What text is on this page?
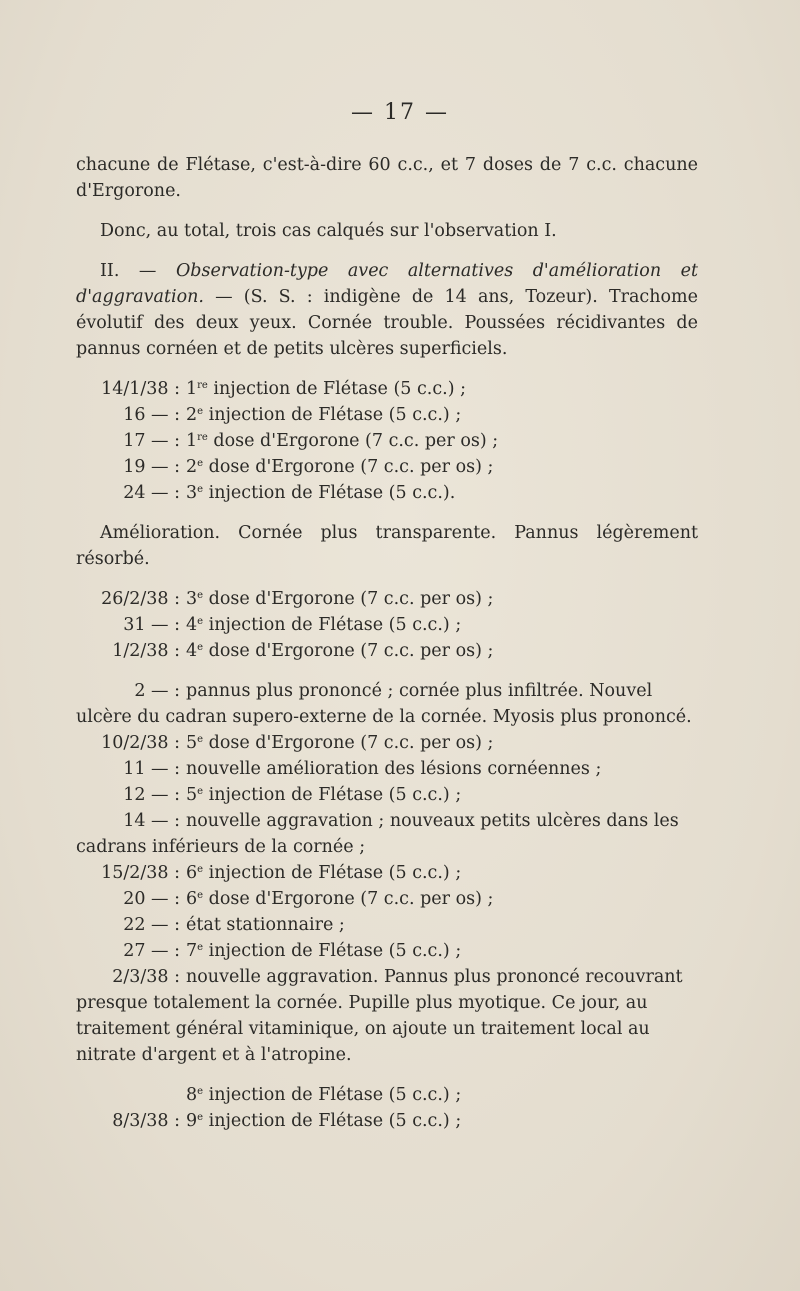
— 17 —

chacune de Flétase, c'est-à-dire 60 c.c., et 7 doses de 7 c.c. chacune d'Ergorone.

Donc, au total, trois cas calqués sur l'observation I.

II. — Observation-type avec alternatives d'amélioration et d'aggravation. — (S. S. : indigène de 14 ans, Tozeur). Trachome évolutif des deux yeux. Cornée trouble. Poussées récidivantes de pannus cornéen et de petits ulcères superficiels.

14/1/38 : 1re injection de Flétase (5 c.c.) ;
16 — : 2e injection de Flétase (5 c.c.) ;
17 — : 1re dose d'Ergorone (7 c.c. per os) ;
19 — : 2e dose d'Ergorone (7 c.c. per os) ;
24 — : 3e injection de Flétase (5 c.c.).

Amélioration. Cornée plus transparente. Pannus légèrement résorbé.

26/2/38 : 3e dose d'Ergorone (7 c.c. per os) ;
31 — : 4e injection de Flétase (5 c.c.) ;
1/2/38 : 4e dose d'Ergorone (7 c.c. per os) ;
2 — : pannus plus prononcé ; cornée plus infiltrée. Nouvel
ulcère du cadran supero-externe de la cornée. Myosis plus prononcé.
10/2/38 : 5e dose d'Ergorone (7 c.c. per os) ;
11 — : nouvelle amélioration des lésions cornéennes ;
12 — : 5e injection de Flétase (5 c.c.) ;
14 — : nouvelle aggravation ; nouveaux petits ulcères dans les
cadrans inférieurs de la cornée ;
15/2/38 : 6e injection de Flétase (5 c.c.) ;
20 — : 6e dose d'Ergorone (7 c.c. per os) ;
22 — : état stationnaire ;
27 — : 7e injection de Flétase (5 c.c.) ;
2/3/38 : nouvelle aggravation. Pannus plus prononcé recouvrant
presque totalement la cornée. Pupille plus myotique. Ce jour, au
traitement général vitaminique, on ajoute un traitement local au
nitrate d'argent et à l'atropine.
8e injection de Flétase (5 c.c.) ;
8/3/38 : 9e injection de Flétase (5 c.c.) ;
